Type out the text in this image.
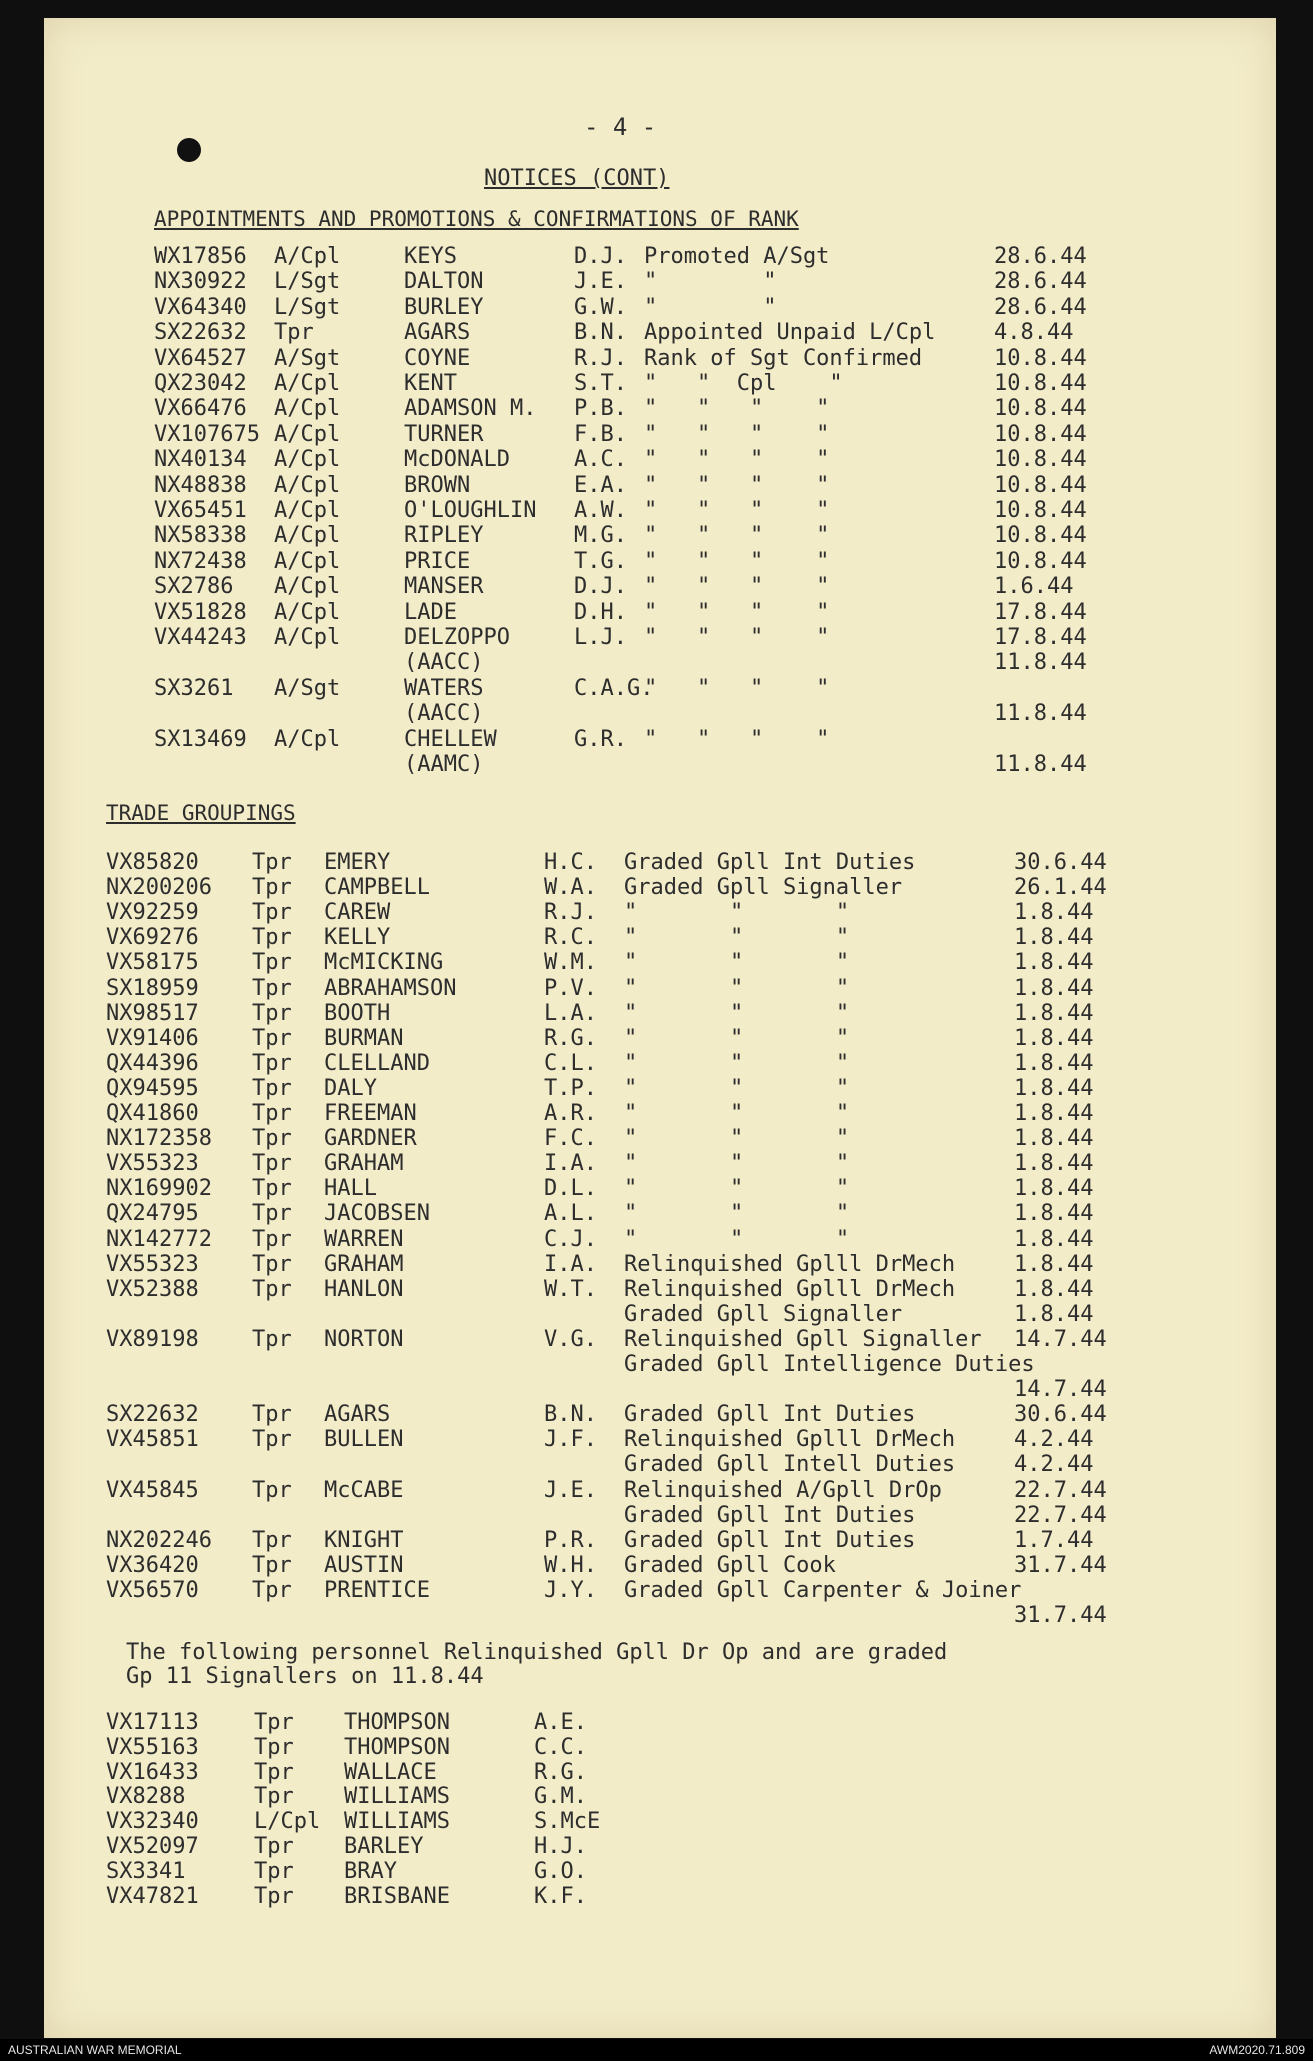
- 4 -
NOTICES (CONT)
APPOINTMENTS AND PROMOTIONS & CONFIRMATIONS OF RANK
WX17856 A/Cpl	KEYS	D.J. Promoted A/Sgt	28.6.44
NX30922 L/Sgt	DALTON	J.E. "        "	28.6.44
VX64340 L/Sgt	BURLEY	G.W. "        "	28.6.44
SX22632 Tpr	AGARS	B.N. Appointed Unpaid L/Cpl	4.8.44
VX64527 A/Sgt	COYNE	R.J. Rank of Sgt Confirmed	10.8.44
QX23042 A/Cpl	KENT	S.T. "   "  Cpl    "	10.8.44
VX66476 A/Cpl	ADAMSON M. P.B. "   "   "    "	10.8.44
VX107675 A/Cpl	TURNER	F.B. "   "   "    "	10.8.44
NX40134 A/Cpl	McDONALD	A.C. "   "   "    "	10.8.44
NX48838 A/Cpl	BROWN	E.A. "   "   "    "	10.8.44
VX65451 A/Cpl	O'LOUGHLIN A.W. "   "   "    "	10.8.44
NX58338 A/Cpl	RIPLEY	M.G. "   "   "    "	10.8.44
NX72438 A/Cpl	PRICE	T.G. "   "   "    "	10.8.44
SX2786 A/Cpl	MANSER	D.J. "   "   "    "	1.6.44
VX51828 A/Cpl	LADE	D.H. "   "   "    "	17.8.44
VX44243 A/Cpl	DELZOPPO	L.J. "   "   "    "	17.8.44
(AACC)	11.8.44
SX3261 A/Sgt	WATERS	C.A.G.
"   "   "    "
(AACC)	11.8.44
SX13469 A/Cpl	CHELLEW	G.R. "   "   "    "
(AAMC)	11.8.44
TRADE GROUPINGS
VX85820 Tpr EMERY	H.C. Graded Gpll Int Duties	30.6.44
NX200206 Tpr CAMPBELL	W.A. Graded Gpll Signaller	26.1.44
VX92259 Tpr CAREW	R.J. "       "       "	1.8.44
VX69276 Tpr KELLY	R.C. "       "       "	1.8.44
VX58175 Tpr McMICKING	W.M. "       "       "	1.8.44
SX18959 Tpr ABRAHAMSON	P.V. "       "       "	1.8.44
NX98517 Tpr BOOTH	L.A. "       "       "	1.8.44
VX91406 Tpr BURMAN	R.G. "       "       "	1.8.44
QX44396 Tpr CLELLAND	C.L. "       "       "	1.8.44
QX94595 Tpr DALY	T.P. "       "       "	1.8.44
QX41860 Tpr FREEMAN	A.R. "       "       "	1.8.44
NX172358 Tpr GARDNER	F.C. "       "       "	1.8.44
VX55323 Tpr GRAHAM	I.A. "       "       "	1.8.44
NX169902 Tpr HALL	D.L. "       "       "	1.8.44
QX24795 Tpr JACOBSEN	A.L. "       "       "	1.8.44
NX142772 Tpr WARREN	C.J. "       "       "	1.8.44
VX55323 Tpr GRAHAM	I.A. Relinquished Gplll DrMech	1.8.44
VX52388 Tpr HANLON	W.T. Relinquished Gplll DrMech	1.8.44
Graded Gpll Signaller	1.8.44
VX89198 Tpr NORTON	V.G. Relinquished Gpll Signaller 14.7.44
Graded Gpll Intelligence Duties
14.7.44
SX22632 Tpr AGARS	B.N. Graded Gpll Int Duties	30.6.44
VX45851 Tpr BULLEN	J.F. Relinquished Gplll DrMech	4.2.44
Graded Gpll Intell Duties	4.2.44
VX45845 Tpr McCABE	J.E. Relinquished A/Gpll DrOp	22.7.44
Graded Gpll Int Duties	22.7.44
NX202246 Tpr KNIGHT	P.R. Graded Gpll Int Duties	1.7.44
VX36420 Tpr AUSTIN	W.H. Graded Gpll Cook	31.7.44
VX56570 Tpr PRENTICE	J.Y. Graded Gpll Carpenter & Joiner
31.7.44
The following personnel Relinquished Gpll Dr Op and are graded
Gp 11 Signallers on 11.8.44
VX17113	Tpr THOMPSON	A.E.
VX55163	Tpr THOMPSON	C.C.
VX16433	Tpr WALLACE	R.G.
VX8288	Tpr WILLIAMS	G.M.
VX32340	L/Cpl WILLIAMS	S.McE
VX52097	Tpr BARLEY	H.J.
SX3341	Tpr BRAY	G.O.
VX47821	Tpr BRISBANE	K.F.
AUSTRALIAN WAR MEMORIAL	AWM2020.71.809
